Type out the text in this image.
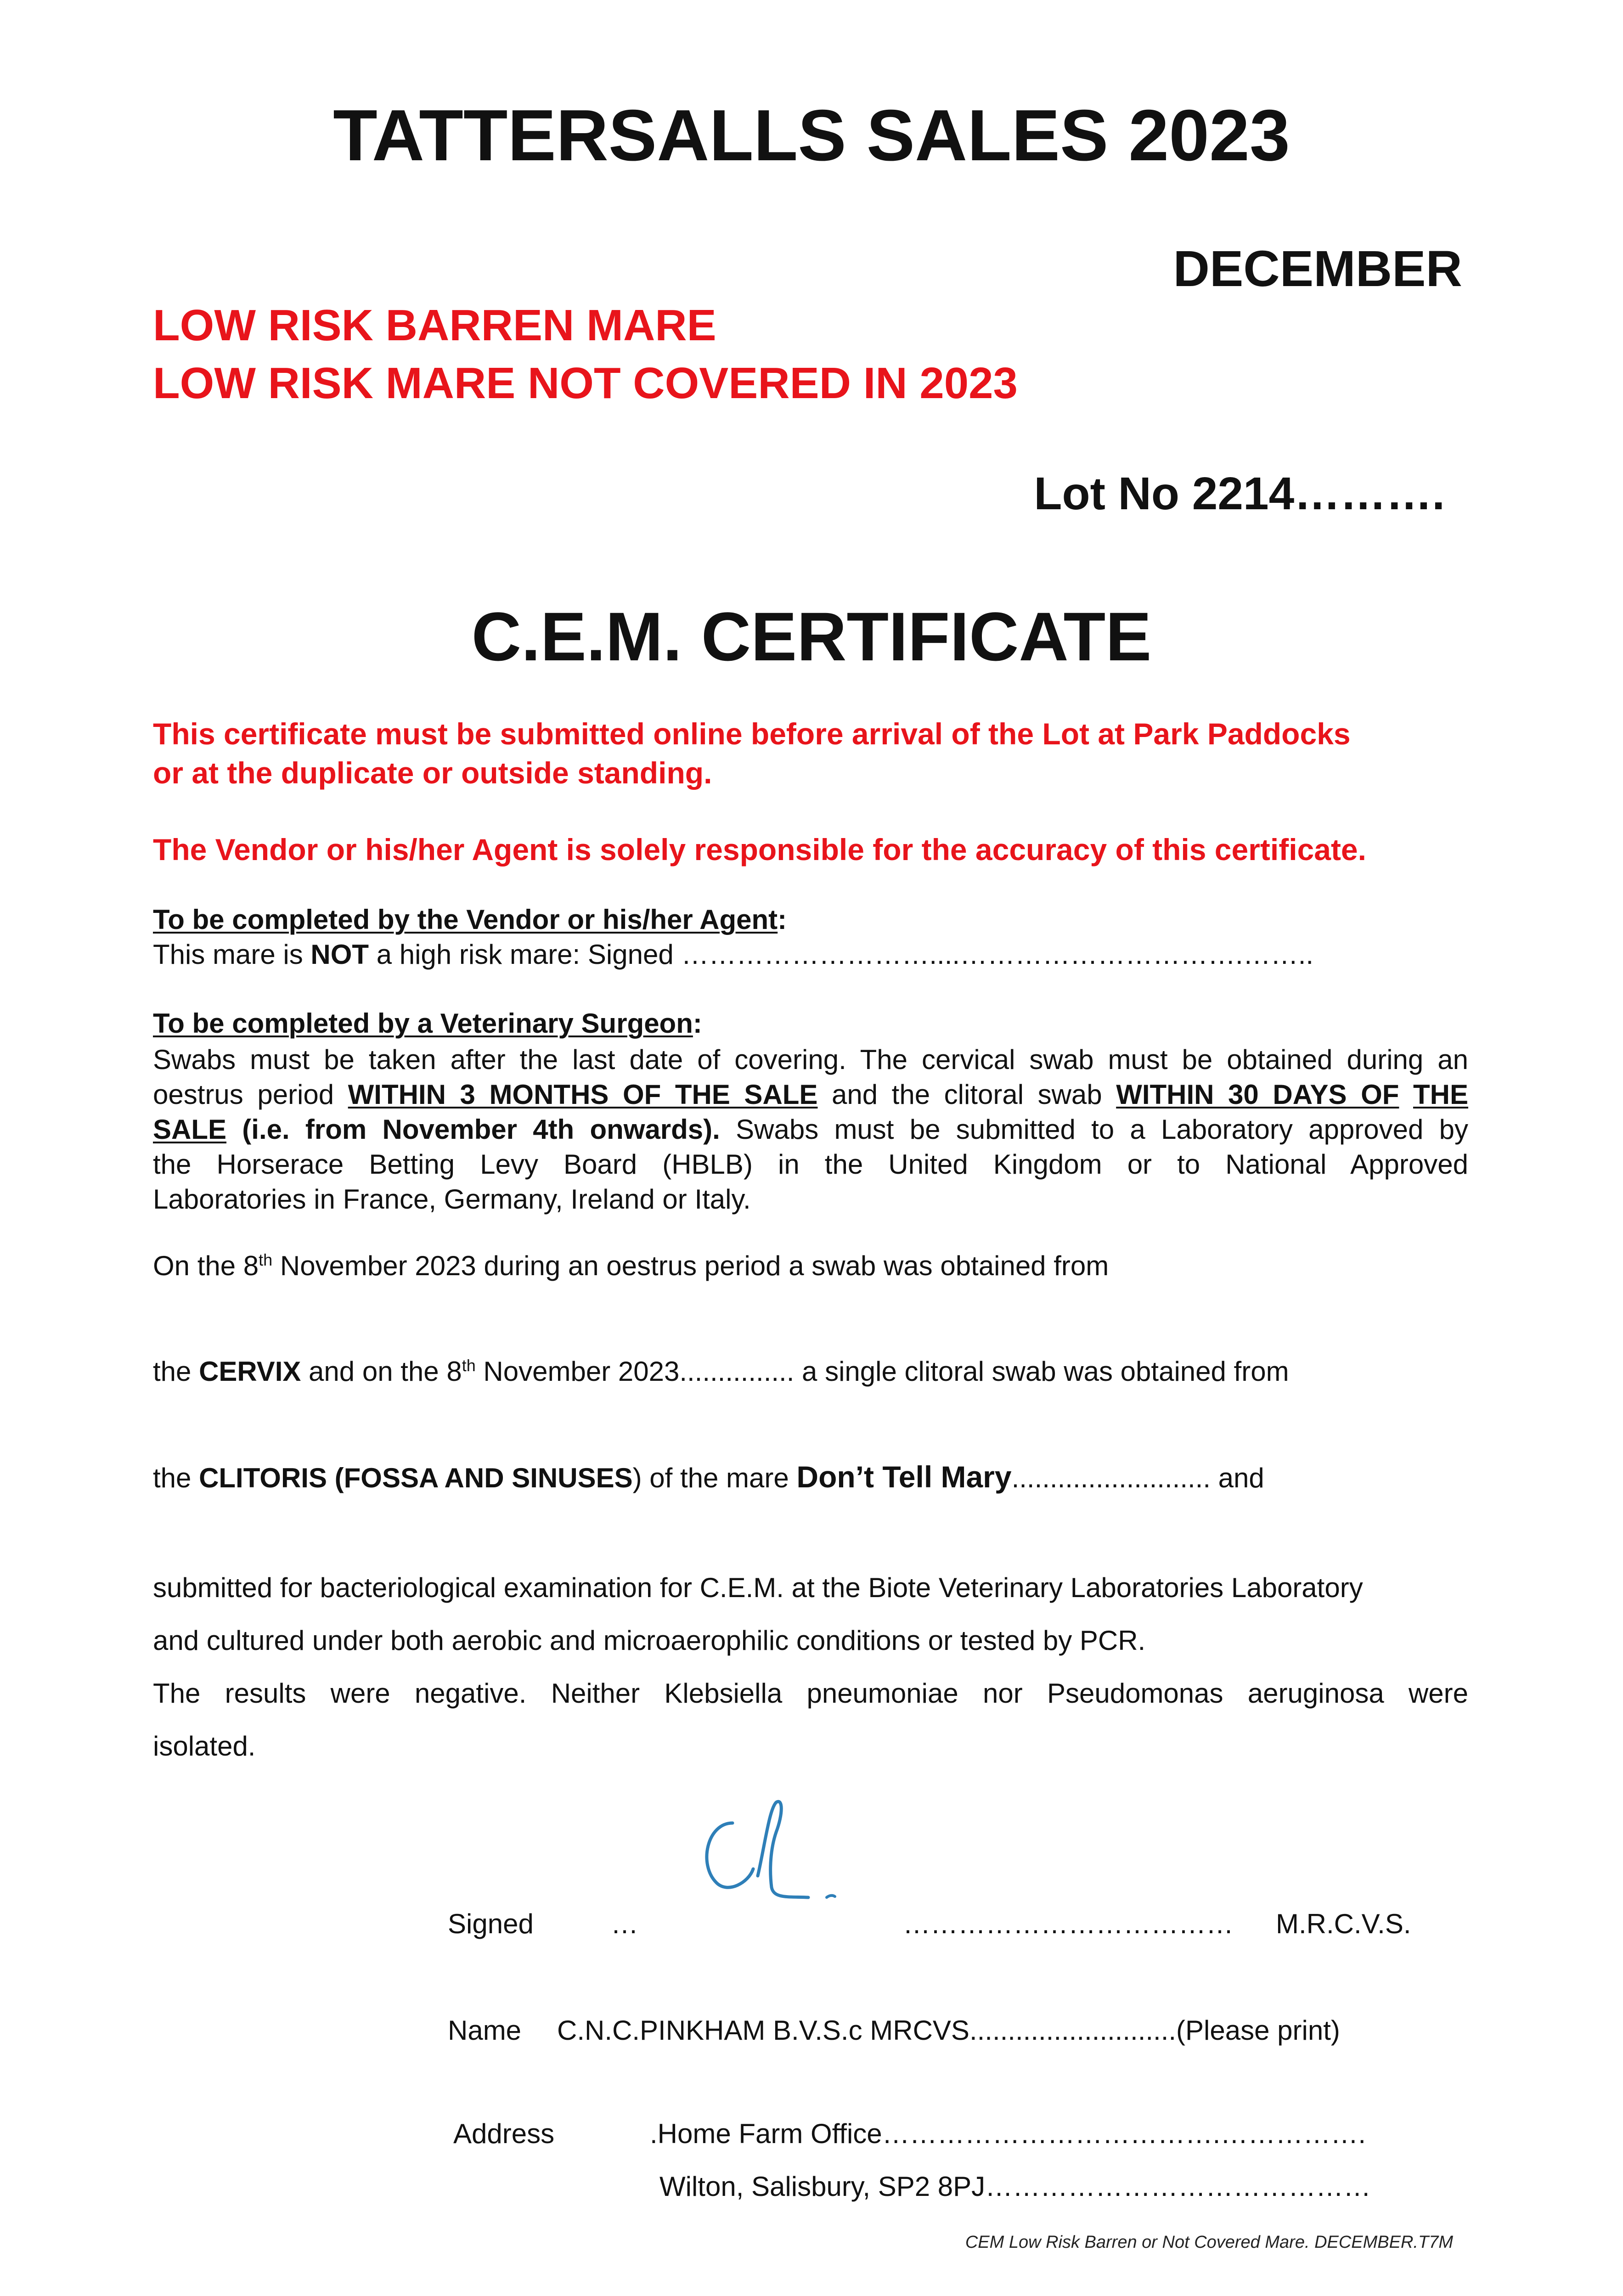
TATTERSALLS SALES 2023
DECEMBER
LOW RISK BARREN MARE
LOW RISK MARE NOT COVERED IN 2023
Lot No 2214……….
C.E.M. CERTIFICATE
This certificate must be submitted online before arrival of the Lot at Park Paddocks
or at the duplicate or outside standing.
The Vendor or his/her Agent is solely responsible for the accuracy of this certificate.
To be completed by the Vendor or his/her Agent:
This mare is NOT a high risk mare: Signed ………………………....………………………….……..
To be completed by a Veterinary Surgeon:
Swabs must be taken after the last date of covering. The cervical swab must be obtained during an
oestrus period WITHIN 3 MONTHS OF THE SALE and the clitoral swab WITHIN 30 DAYS OF THE
SALE (i.e. from November 4th onwards). Swabs must be submitted to a Laboratory approved by
the Horserace Betting Levy Board (HBLB) in the United Kingdom or to National Approved
Laboratories in France, Germany, Ireland or Italy.
On the 8th November 2023 during an oestrus period a swab was obtained from
the CERVIX and on the 8th November 2023............... a single clitoral swab was obtained from
the CLITORIS (FOSSA AND SINUSES) of the mare Don’t Tell Mary.......................... and
submitted for bacteriological examination for C.E.M. at the Biote Veterinary Laboratories Laboratory
and cultured under both aerobic and microaerophilic conditions or tested by PCR.
The results were negative. Neither Klebsiella pneumoniae nor Pseudomonas aeruginosa were
isolated.
Signed	…	……………………………… M.R.C.V.S.
Name C.N.C.PINKHAM B.V.S.c MRCVS...........................(Please print)
Address	.Home Farm Office……………………………….…………….
Wilton, Salisbury, SP2 8PJ……………………………………
CEM Low Risk Barren or Not Covered Mare. DECEMBER.T7M
